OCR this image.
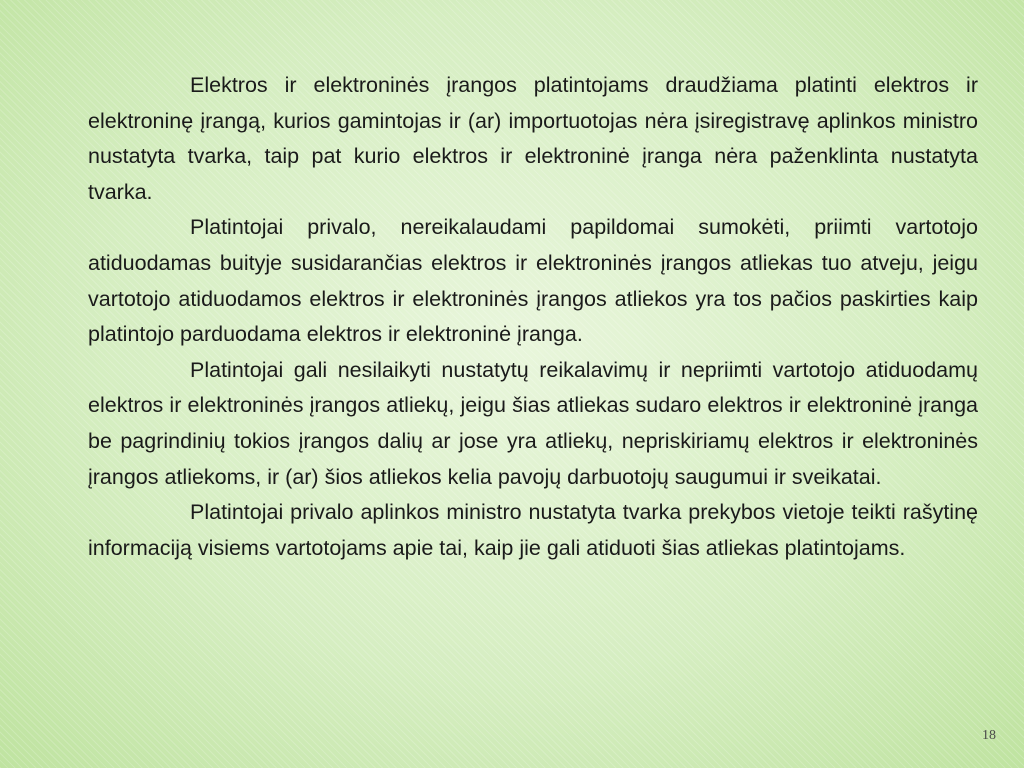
Elektros ir elektroninės įrangos platintojams draudžiama platinti elektros ir elektroninę įrangą, kurios gamintojas ir (ar) importuotojas nėra įsiregistravę aplinkos ministro nustatyta tvarka, taip pat kurio elektros ir elektroninė įranga nėra paženklinta nustatyta tvarka.

Platintojai privalo, nereikalaudami papildomai sumokėti, priimti vartotojo atiduodamas buityje susidarančias elektros ir elektroninės įrangos atliekas tuo atveju, jeigu vartotojo atiduodamos elektros ir elektroninės įrangos atliekos yra tos pačios paskirties kaip platintojo parduodama elektros ir elektroninė įranga.

Platintojai gali nesilaikyti nustatytų reikalavimų ir nepriimti vartotojo atiduodamų elektros ir elektroninės įrangos atliekų, jeigu šias atliekas sudaro elektros ir elektroninė įranga be pagrindinių tokios įrangos dalių ar jose yra atliekų, nepriskiriamų elektros ir elektroninės įrangos atliekoms, ir (ar) šios atliekos kelia pavojų darbuotojų saugumui ir sveikatai.

Platintojai privalo aplinkos ministro nustatyta tvarka prekybos vietoje teikti rašytinę informaciją visiems vartotojams apie tai, kaip jie gali atiduoti šias atliekas platintojams.

18
